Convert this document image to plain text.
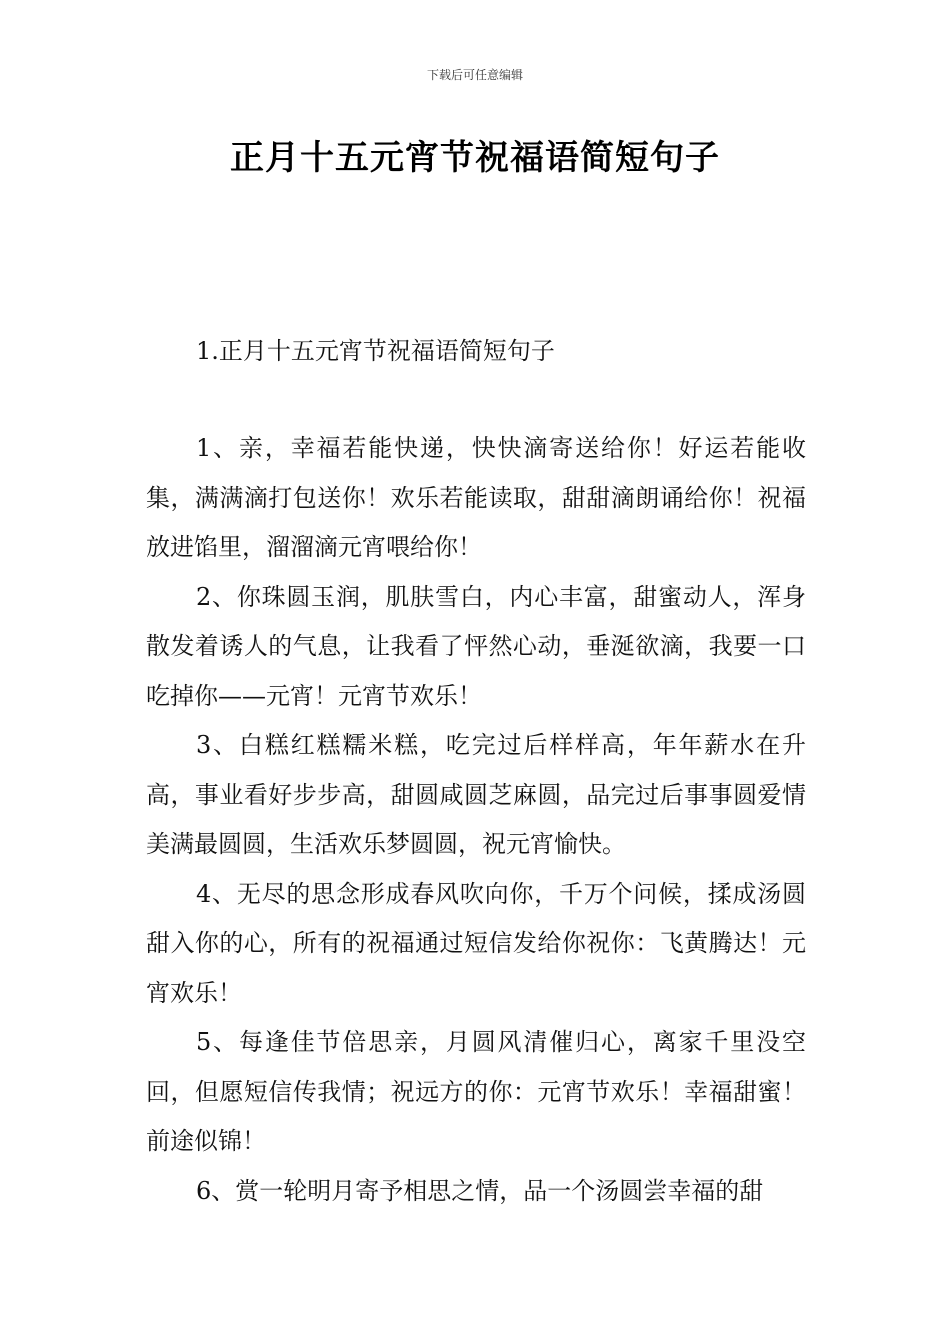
下载后可任意编辑
正月十五元宵节祝福语简短句子
1.正月十五元宵节祝福语简短句子

1、亲，幸福若能快递，快快滴寄送给你！好运若能收集，满满滴打包送你！欢乐若能读取，甜甜滴朗诵给你！祝福放进馅里，溜溜滴元宵喂给你！

2、你珠圆玉润，肌肤雪白，内心丰富，甜蜜动人，浑身散发着诱人的气息，让我看了怦然心动，垂涎欲滴，我要一口吃掉你——元宵！元宵节欢乐！

3、白糕红糕糯米糕，吃完过后样样高，年年薪水在升高，事业看好步步高，甜圆咸圆芝麻圆，品完过后事事圆爱情美满最圆圆，生活欢乐梦圆圆，祝元宵愉快。

4、无尽的思念形成春风吹向你，千万个问候，揉成汤圆甜入你的心，所有的祝福通过短信发给你祝你：飞黄腾达！元宵欢乐！

5、每逢佳节倍思亲，月圆风清催归心，离家千里没空回，但愿短信传我情；祝远方的你：元宵节欢乐！幸福甜蜜！前途似锦！

6、赏一轮明月寄予相思之情，品一个汤圆尝幸福的甜
